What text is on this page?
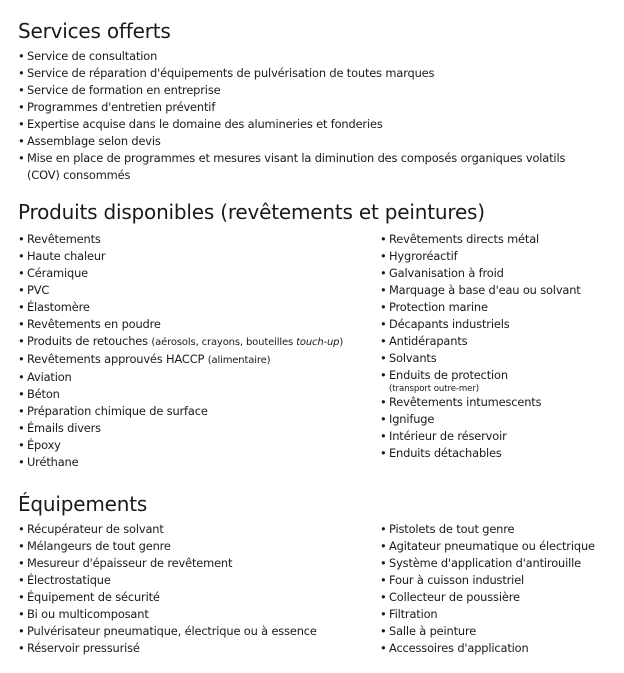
Services offerts
• Service de consultation
• Service de réparation d'équipements de pulvérisation de toutes marques
• Service de formation en entreprise
• Programmes d'entretien préventif
• Expertise acquise dans le domaine des alumineries et fonderies
• Assemblage selon devis
• Mise en place de programmes et mesures visant la diminution des composés organiques volatils (COV) consommés
Produits disponibles (revêtements et peintures)
• Revêtements
• Haute chaleur
• Céramique
• PVC
• Élastomère
• Revêtements en poudre
• Produits de retouches (aérosols, crayons, bouteilles touch-up)
• Revêtements approuvés HACCP (alimentaire)
• Aviation
• Béton
• Préparation chimique de surface
• Émails divers
• Époxy
• Uréthane
• Revêtements directs métal
• Hygroréactif
• Galvanisation à froid
• Marquage à base d'eau ou solvant
• Protection marine
• Décapants industriels
• Antidérapants
• Solvants
• Enduits de protection
(transport outre-mer)
• Revêtements intumescents
• Ignifuge
• Intérieur de réservoir
• Enduits détachables
Équipements
• Récupérateur de solvant
• Mélangeurs de tout genre
• Mesureur d'épaisseur de revêtement
• Électrostatique
• Équipement de sécurité
• Bi ou multicomposant
• Pulvérisateur pneumatique, électrique ou à essence
• Réservoir pressurisé
• Pistolets de tout genre
• Agitateur pneumatique ou électrique
• Système d'application d'antirouille
• Four à cuisson industriel
• Collecteur de poussière
• Filtration
• Salle à peinture
• Accessoires d'application
